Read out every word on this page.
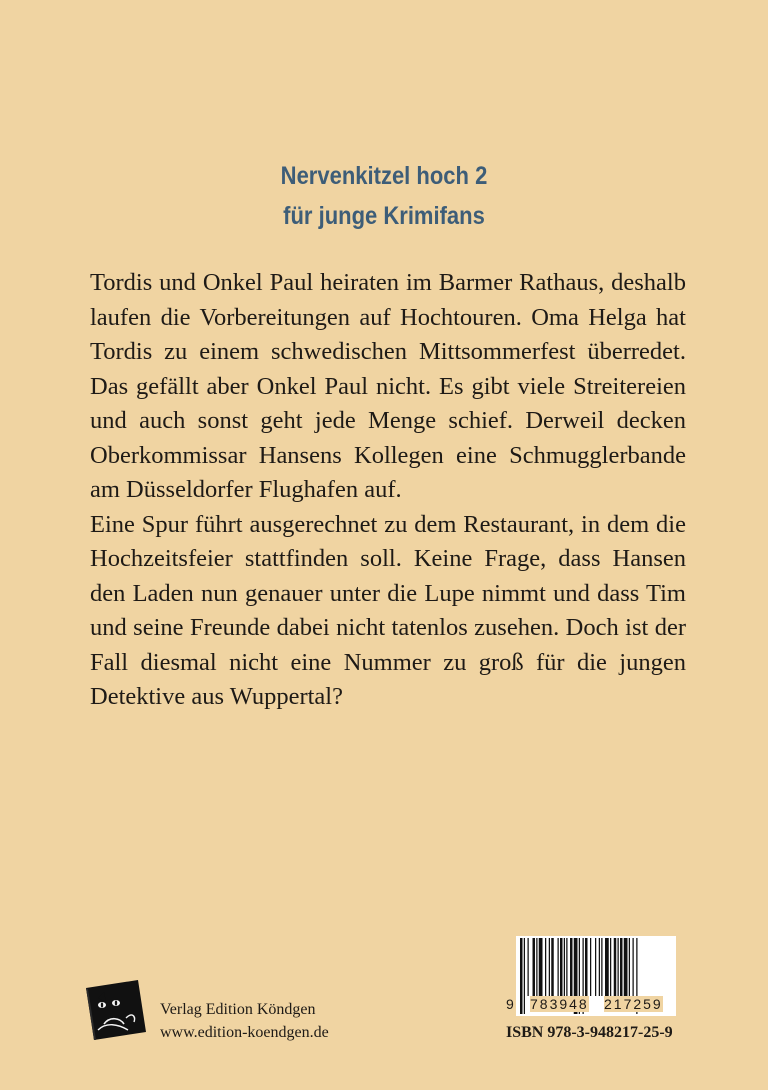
Nervenkitzel hoch 2
für junge Krimifans

Tordis und Onkel Paul heiraten im Barmer Rathaus, deshalb laufen die Vorbereitungen auf Hochtouren. Oma Helga hat Tordis zu einem schwedischen Mittsommerfest überredet. Das gefällt aber Onkel Paul nicht. Es gibt viele Streitereien und auch sonst geht jede Menge schief. Derweil decken Oberkommissar Hansens Kollegen eine Schmugglerbande am Düsseldorfer Flughafen auf.

Eine Spur führt ausgerechnet zu dem Restaurant, in dem die Hochzeitsfeier stattfinden soll. Keine Frage, dass Hansen den Laden nun genauer unter die Lupe nimmt und dass Tim und seine Freunde dabei nicht tatenlos zusehen. Doch ist der Fall diesmal nicht eine Nummer zu groß für die jungen Detektive aus Wuppertal?

Verlag Edition Köndgen
www.edition-koendgen.de
9 783948 217259
ISBN 978-3-948217-25-9
